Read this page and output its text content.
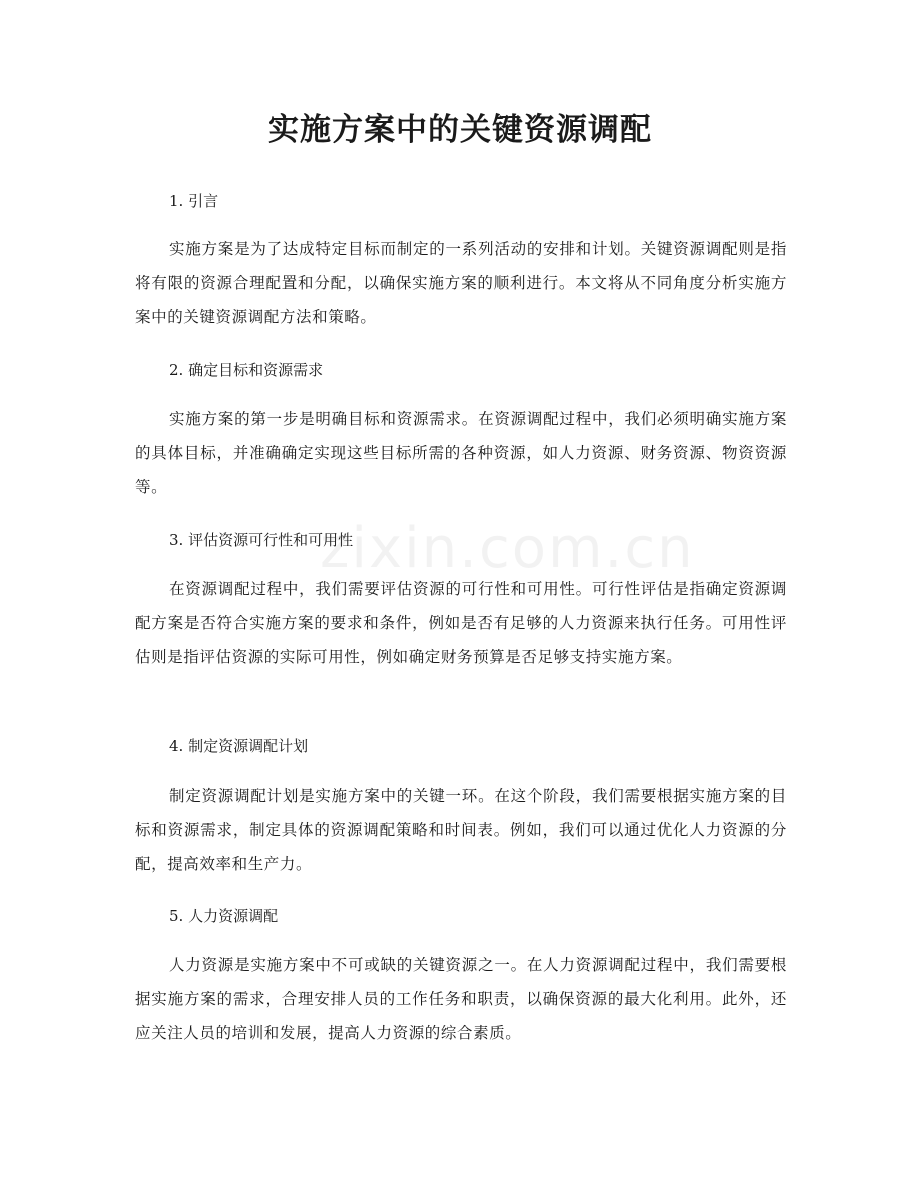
实施方案中的关键资源调配
zixin.com.cn
1. 引言

实施方案是为了达成特定目标而制定的一系列活动的安排和计划。关键资源调配则是指将有限的资源合理配置和分配，以确保实施方案的顺利进行。本文将从不同角度分析实施方案中的关键资源调配方法和策略。

2. 确定目标和资源需求

实施方案的第一步是明确目标和资源需求。在资源调配过程中，我们必须明确实施方案的具体目标，并准确确定实现这些目标所需的各种资源，如人力资源、财务资源、物资资源等。

3. 评估资源可行性和可用性

在资源调配过程中，我们需要评估资源的可行性和可用性。可行性评估是指确定资源调配方案是否符合实施方案的要求和条件，例如是否有足够的人力资源来执行任务。可用性评估则是指评估资源的实际可用性，例如确定财务预算是否足够支持实施方案。

4. 制定资源调配计划

制定资源调配计划是实施方案中的关键一环。在这个阶段，我们需要根据实施方案的目标和资源需求，制定具体的资源调配策略和时间表。例如，我们可以通过优化人力资源的分配，提高效率和生产力。

5. 人力资源调配

人力资源是实施方案中不可或缺的关键资源之一。在人力资源调配过程中，我们需要根据实施方案的需求，合理安排人员的工作任务和职责，以确保资源的最大化利用。此外，还应关注人员的培训和发展，提高人力资源的综合素质。
